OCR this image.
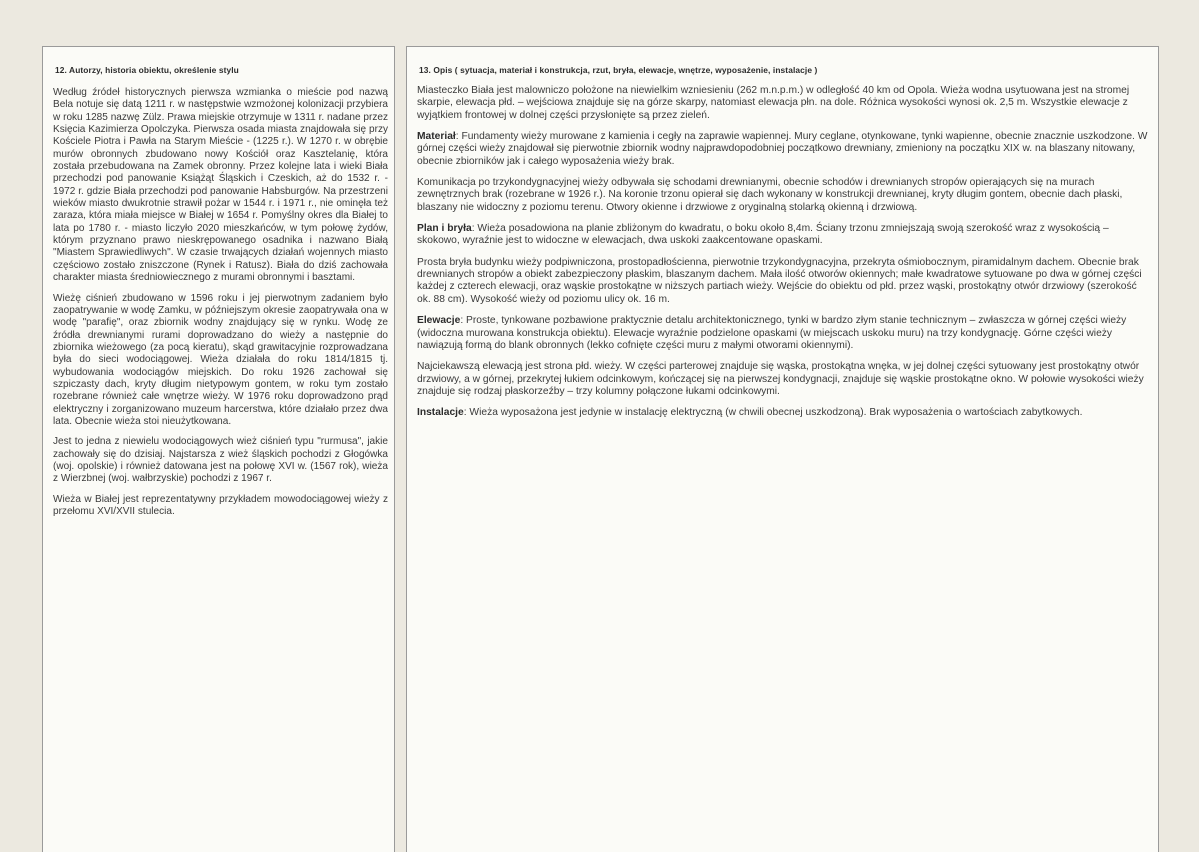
12. Autorzy, historia obiektu, określenie stylu

Według źródeł historycznych pierwsza wzmianka o mieście pod nazwą Bela notuje się datą 1211 r. w następstwie wzmożonej kolonizacji przybiera w roku 1285 nazwę Zülz. Prawa miejskie otrzymuje w 1311 r. nadane przez Księcia Kazimierza Opolczyka. Pierwsza osada miasta znajdowała się przy Kościele Piotra i Pawła na Starym Mieście - (1225 r.). W 1270 r. w obrębie murów obronnych zbudowano nowy Kościół oraz Kasztelanię, która została przebudowana na Zamek obronny. Przez kolejne lata i wieki Biała przechodzi pod panowanie Książąt Śląskich i Czeskich, aż do 1532 r. - 1972 r. gdzie Biała przechodzi pod panowanie Habsburgów. Na przestrzeni wieków miasto dwukrotnie strawił pożar w 1544 r. i 1971 r., nie ominęła też zaraza, która miała miejsce w Białej w 1654 r. Pomyślny okres dla Białej to lata po 1780 r. - miasto liczyło 2020 mieszkańców, w tym połowę żydów, którym przyznano prawo nieskrępowanego osadnika i nazwano Białą "Miastem Sprawiedliwych". W czasie trwających działań wojennych miasto częściowo zostało zniszczone (Rynek i Ratusz). Biała do dziś zachowała charakter miasta średniowiecznego z murami obronnymi i basztami.

Wieżę ciśnień zbudowano w 1596 roku i jej pierwotnym zadaniem było zaopatrywanie w wodę Zamku, w późniejszym okresie zaopatrywała ona w wodę "parafię", oraz zbiornik wodny znajdujący się w rynku. Wodę ze źródła drewnianymi rurami doprowadzano do wieży a następnie do zbiornika wieżowego (za pocą kieratu), skąd grawitacyjnie rozprowadzana była do sieci wodociągowej. Wieża działała do roku 1814/1815 tj. wybudowania wodociągów miejskich. Do roku 1926 zachował się szpiczasty dach, kryty długim nietypowym gontem, w roku tym zostało rozebrane również całe wnętrze wieży. W 1976 roku doprowadzono prąd elektryczny i zorganizowano muzeum harcerstwa, które działało przez dwa lata. Obecnie wieża stoi nieużytkowana.

Jest to jedna z niewielu wodociągowych wież ciśnień typu "rurmusa", jakie zachowały się do dzisiaj. Najstarsza z wież śląskich pochodzi z Głogówka (woj. opolskie) i również datowana jest na połowę XVI w. (1567 rok), wieża z Wierzbnej (woj. wałbrzyskie) pochodzi z 1967 r.

Wieża w Białej jest reprezentatywny przykładem mowodociągowej wieży z przełomu XVI/XVII stulecia.

13. Opis ( sytuacja, materiał i konstrukcja, rzut, bryła, elewacje, wnętrze, wyposażenie, instalacje )

Miasteczko Biała jest malowniczo położone na niewielkim wzniesieniu (262 m.n.p.m.) w odległość 40 km od Opola. Wieża wodna usytuowana jest na stromej skarpie, elewacja płd. – wejściowa znajduje się na górze skarpy, natomiast elewacja płn. na dole. Różnica wysokości wynosi ok. 2,5 m. Wszystkie elewacje z wyjątkiem frontowej w dolnej części przysłonięte są przez zieleń.

Materiał: Fundamenty wieży murowane z kamienia i cegły na zaprawie wapiennej. Mury ceglane, otynkowane, tynki wapienne, obecnie znacznie uszkodzone. W górnej części wieży znajdował się pierwotnie zbiornik wodny najprawdopodobniej początkowo drewniany, zmieniony na początku XIX w. na blaszany nitowany, obecnie zbiorników jak i całego wyposażenia wieży brak.

Komunikacja po trzykondygnacyjnej wieży odbywała się schodami drewnianymi, obecnie schodów i drewnianych stropów opierających się na murach zewnętrznych brak (rozebrane w 1926 r.). Na koronie trzonu opierał się dach wykonany w konstrukcji drewnianej, kryty długim gontem, obecnie dach płaski, blaszany nie widoczny z poziomu terenu. Otwory okienne i drzwiowe z oryginalną stolarką okienną i drzwiową.

Plan i bryła: Wieża posadowiona na planie zbliżonym do kwadratu, o boku około 8,4m. Ściany trzonu zmniejszają swoją szerokość wraz z wysokością – skokowo, wyraźnie jest to widoczne w elewacjach, dwa uskoki zaakcentowane opaskami.

Prosta bryła budynku wieży podpiwniczona, prostopadłościenna, pierwotnie trzykondygnacyjna, przekryta ośmiobocznym, piramidalnym dachem. Obecnie brak drewnianych stropów a obiekt zabezpieczony płaskim, blaszanym dachem. Mała ilość otworów okiennych; małe kwadratowe sytuowane po dwa w górnej części każdej z czterech elewacji, oraz wąskie prostokątne w niższych partiach wieży. Wejście do obiektu od płd. przez wąski, prostokątny otwór drzwiowy (szerokość ok. 88 cm). Wysokość wieży od poziomu ulicy ok. 16 m.

Elewacje: Proste, tynkowane pozbawione praktycznie detalu architektonicznego, tynki w bardzo złym stanie technicznym – zwłaszcza w górnej części wieży (widoczna murowana konstrukcja obiektu). Elewacje wyraźnie podzielone opaskami (w miejscach uskoku muru) na trzy kondygnację. Górne części wieży nawiązują formą do blank obronnych (lekko cofnięte części muru z małymi otworami okiennymi).

Najciekawszą elewacją jest strona płd. wieży. W części parterowej znajduje się wąska, prostokątna wnęka, w jej dolnej części sytuowany jest prostokątny otwór drzwiowy, a w górnej, przekrytej łukiem odcinkowym, kończącej się na pierwszej kondygnacji, znajduje się wąskie prostokątne okno. W połowie wysokości wieży znajduje się rodzaj płaskorzeźby – trzy kolumny połączone łukami odcinkowymi.

Instalacje: Wieża wyposażona jest jedynie w instalację elektryczną (w chwili obecnej uszkodzoną). Brak wyposażenia o wartościach zabytkowych.
